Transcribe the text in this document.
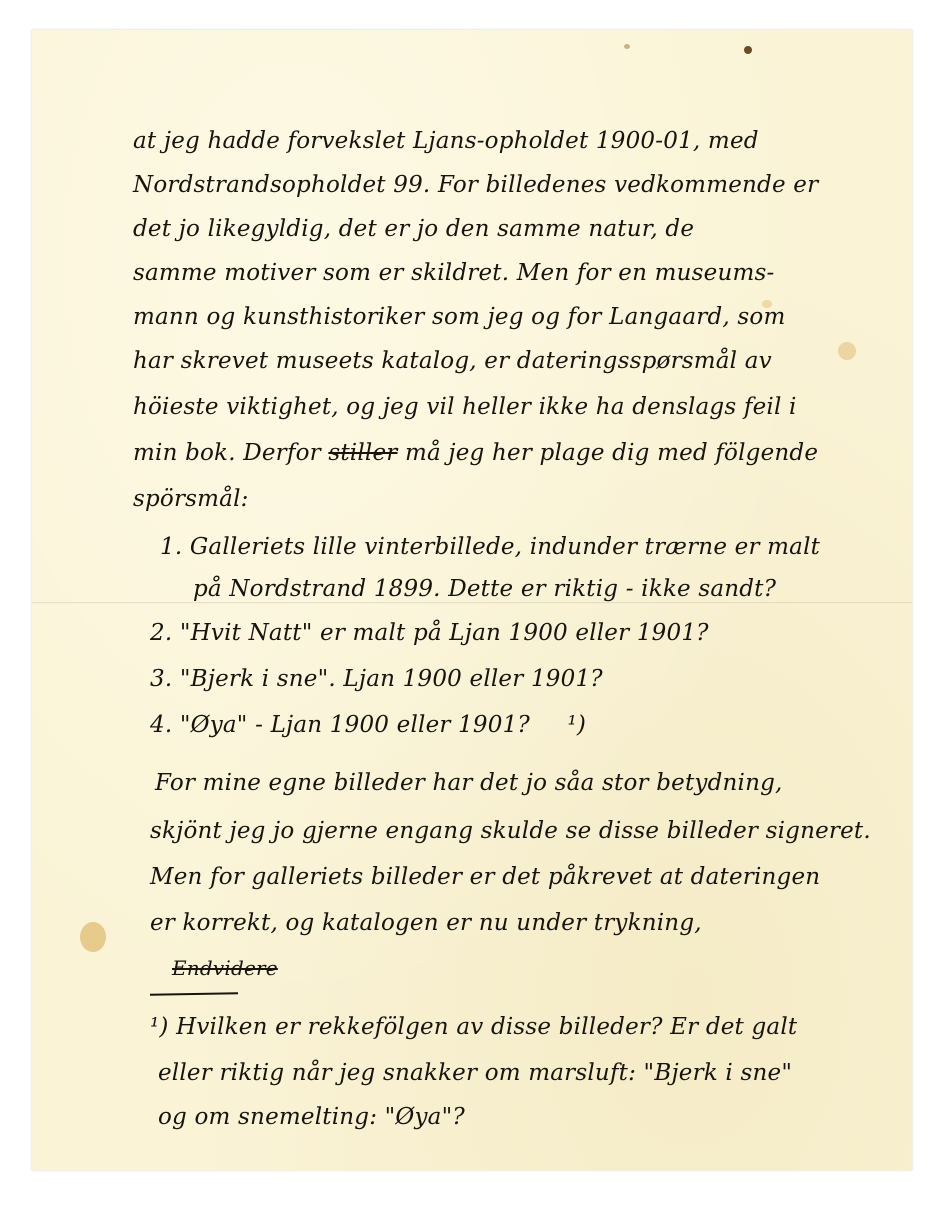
at jeg hadde forvekslet Ljans-opholdet 1900-01, med
Nordstrandsopholdet 99. For billedenes vedkommende er
det jo likegyldig, det er jo den samme natur, de
samme motiver som er skildret. Men for en museums-
mann og kunsthistoriker som jeg og for Langaard, som
har skrevet museets katalog, er dateringsspørsmål av
höieste viktighet, og jeg vil heller ikke ha denslags feil i
min bok. Derfor stiller må jeg her plage dig med fölgende
spörsmål:
1. Galleriets lille vinterbillede, indunder trærne er malt
på Nordstrand 1899. Dette er riktig - ikke sandt?
2. "Hvit Natt" er malt på Ljan 1900 eller 1901?
3. "Bjerk i sne". Ljan 1900 eller 1901?
4. "Øya" - Ljan 1900 eller 1901? ¹)
For mine egne billeder har det jo såa stor betydning,
skjönt jeg jo gjerne engang skulde se disse billeder signeret.
Men for galleriets billeder er det påkrevet at dateringen
er korrekt, og katalogen er nu under trykning,
Endvidere
¹) Hvilken er rekkefölgen av disse billeder? Er det galt
eller riktig når jeg snakker om marsluft: "Bjerk i sne"
og om snemelting: "Øya"?
